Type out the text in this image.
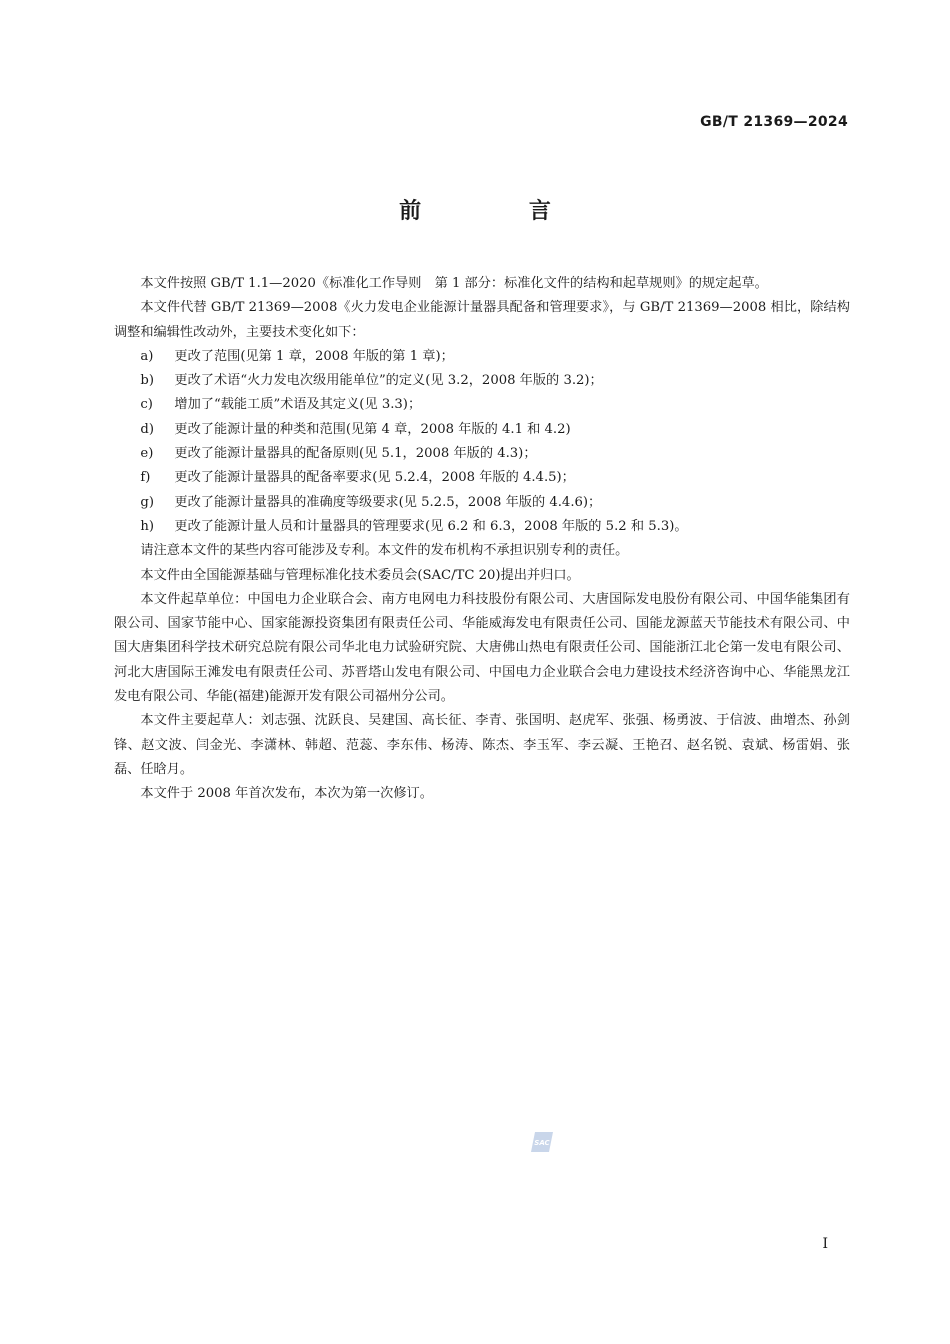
GB/T 21369—2024
前 言

本文件按照 GB/T 1.1—2020《标准化工作导则　第 1 部分：标准化文件的结构和起草规则》的规定起草。

本文件代替 GB/T 21369—2008《火力发电企业能源计量器具配备和管理要求》，与 GB/T 21369—2008 相比，除结构调整和编辑性改动外，主要技术变化如下：

a)	更改了范围(见第 1 章，2008 年版的第 1 章)；
b)	更改了术语“火力发电次级用能单位”的定义(见 3.2，2008 年版的 3.2)；
c)	增加了“载能工质”术语及其定义(见 3.3)；
d)	更改了能源计量的种类和范围(见第 4 章，2008 年版的 4.1 和 4.2)
e)	更改了能源计量器具的配备原则(见 5.1，2008 年版的 4.3)；
f)	更改了能源计量器具的配备率要求(见 5.2.4，2008 年版的 4.4.5)；
g)	更改了能源计量器具的准确度等级要求(见 5.2.5，2008 年版的 4.4.6)；
h)	更改了能源计量人员和计量器具的管理要求(见 6.2 和 6.3，2008 年版的 5.2 和 5.3)。

请注意本文件的某些内容可能涉及专利。本文件的发布机构不承担识别专利的责任。

本文件由全国能源基础与管理标准化技术委员会(SAC/TC 20)提出并归口。

本文件起草单位：中国电力企业联合会、南方电网电力科技股份有限公司、大唐国际发电股份有限公司、中国华能集团有限公司、国家节能中心、国家能源投资集团有限责任公司、华能威海发电有限责任公司、国能龙源蓝天节能技术有限公司、中国大唐集团科学技术研究总院有限公司华北电力试验研究院、大唐佛山热电有限责任公司、国能浙江北仑第一发电有限公司、河北大唐国际王滩发电有限责任公司、苏晋塔山发电有限公司、中国电力企业联合会电力建设技术经济咨询中心、华能黑龙江发电有限公司、华能(福建)能源开发有限公司福州分公司。

本文件主要起草人：刘志强、沈跃良、吴建国、高长征、李青、张国明、赵虎军、张强、杨勇波、于信波、曲增杰、孙剑锋、赵文波、闫金光、李潇林、韩超、范蕊、李东伟、杨涛、陈杰、李玉军、李云凝、王艳召、赵名锐、袁斌、杨雷娟、张磊、任晗月。

本文件于 2008 年首次发布，本次为第一次修订。

SAC
I
